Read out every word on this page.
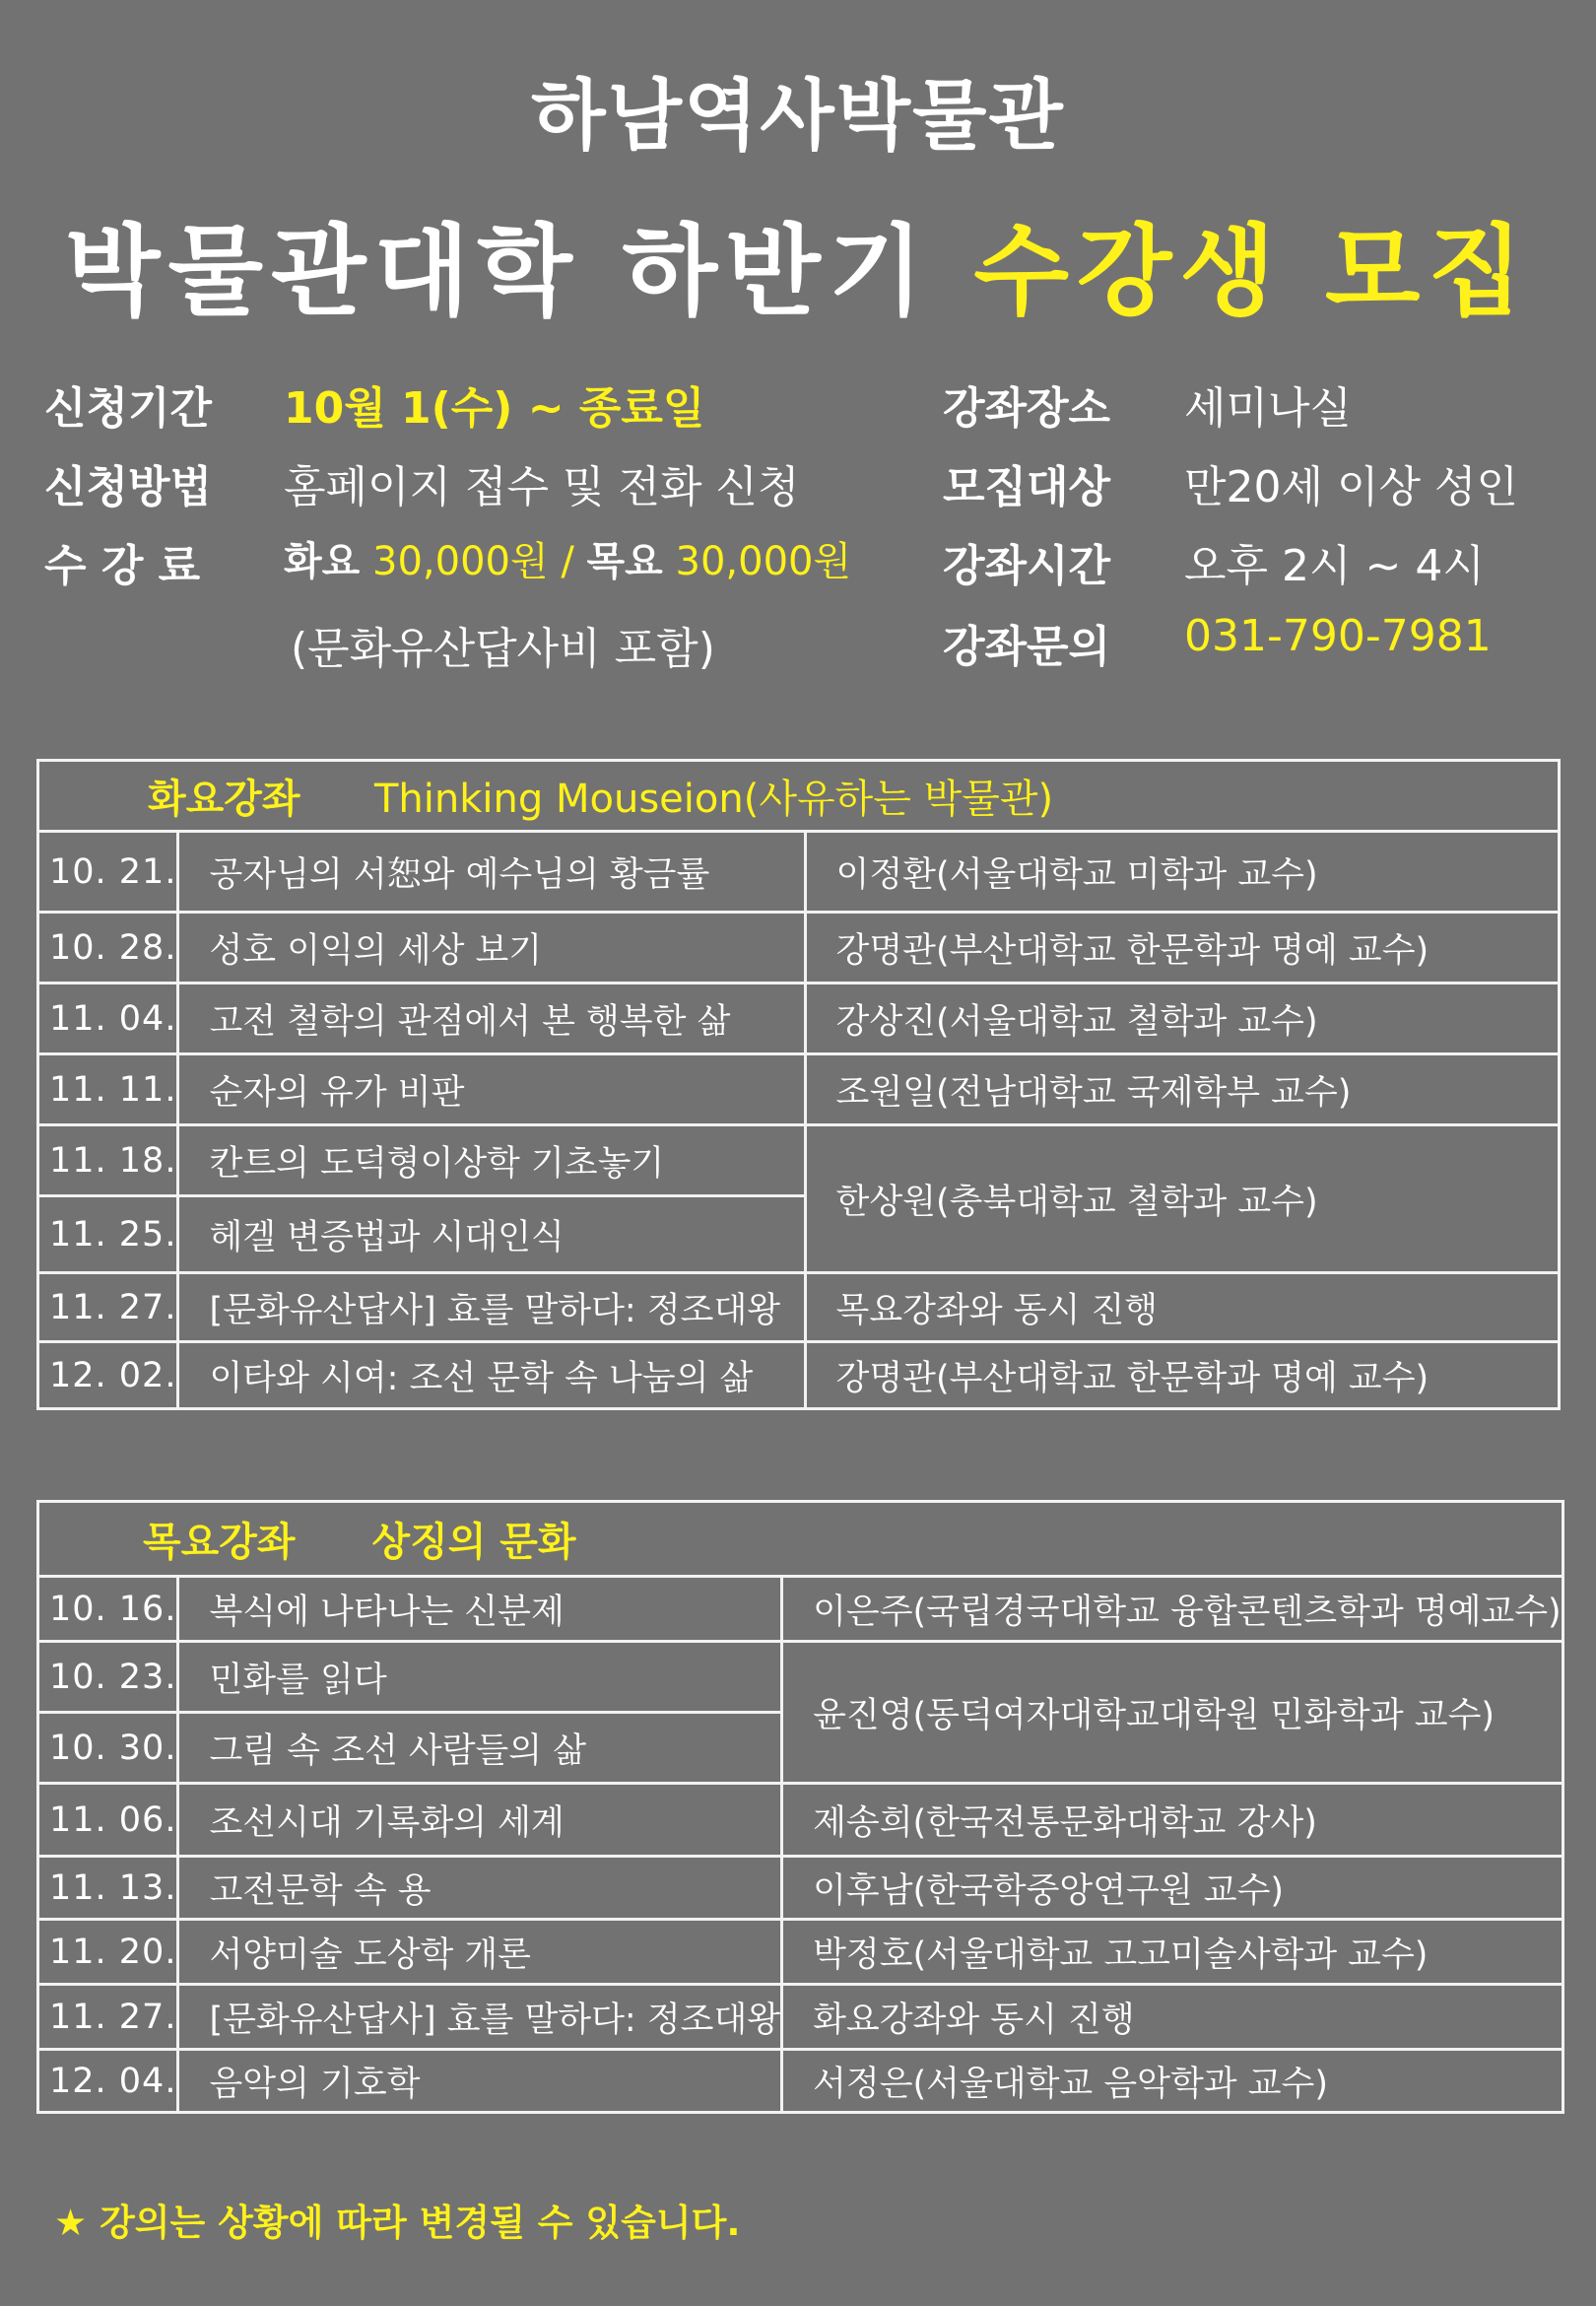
하남역사박물관
박물관대학 하반기 수강생 모집
신청기간 10월 1(수) ~ 종료일
신청방법 홈페이지 접수 및 전화 신청
수 강 료 화요 30,000원 / 목요 30,000원
(문화유산답사비 포함)
강좌장소 세미나실
모집대상 만20세 이상 성인
강좌시간 오후 2시 ~ 4시
강좌문의 031-790-7981
화요강좌 Thinking Mouseion(사유하는 박물관)		
10. 21.	공자님의 서恕와 예수님의 황금률	이정환(서울대학교 미학과 교수)
10. 28.	성호 이익의 세상 보기	강명관(부산대학교 한문학과 명예 교수)
11. 04.	고전 철학의 관점에서 본 행복한 삶	강상진(서울대학교 철학과 교수)
11. 11.	순자의 유가 비판	조원일(전남대학교 국제학부 교수)
11. 18.	칸트의 도덕형이상학 기초놓기	한상원(충북대학교 철학과 교수)
11. 25.	헤겔 변증법과 시대인식	
11. 27.	[문화유산답사] 효를 말하다: 정조대왕	목요강좌와 동시 진행
12. 02.	이타와 시여: 조선 문학 속 나눔의 삶	강명관(부산대학교 한문학과 명예 교수)
목요강좌 상징의 문화		
10. 16.	복식에 나타나는 신분제	이은주(국립경국대학교 융합콘텐츠학과 명예교수)
10. 23.	민화를 읽다	윤진영(동덕여자대학교대학원 민화학과 교수)
10. 30.	그림 속 조선 사람들의 삶	
11. 06.	조선시대 기록화의 세계	제송희(한국전통문화대학교 강사)
11. 13.	고전문학 속 용	이후남(한국학중앙연구원 교수)
11. 20.	서양미술 도상학 개론	박정호(서울대학교 고고미술사학과 교수)
11. 27.	[문화유산답사] 효를 말하다: 정조대왕	화요강좌와 동시 진행
12. 04.	음악의 기호학	서정은(서울대학교 음악학과 교수)
★ 강의는 상황에 따라 변경될 수 있습니다.
